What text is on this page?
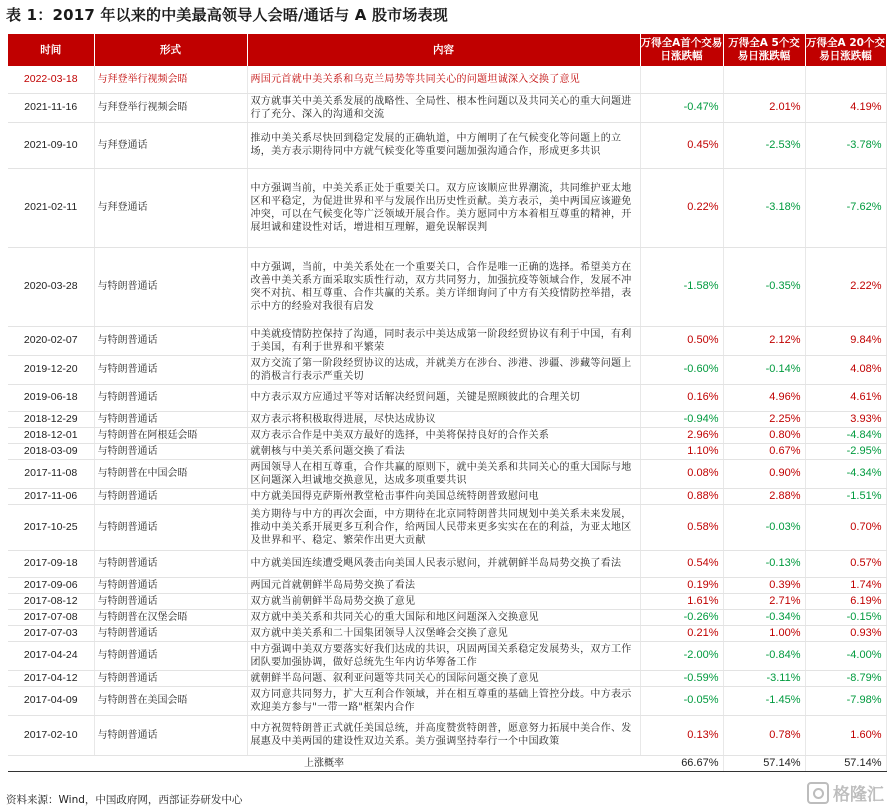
表 1：2017 年以来的中美最高领导人会晤/通话与 A 股市场表现
时间	形式	内容	万得全A首个交易日涨跌幅	万得全A 5个交易日涨跌幅	万得全A 20个交易日涨跌幅
2022-03-18	与拜登举行视频会晤	两国元首就中美关系和乌克兰局势等共同关心的问题坦诚深入交换了意见			
2021-11-16	与拜登举行视频会晤	双方就事关中美关系发展的战略性、全局性、根本性问题以及共同关心的重大问题进行了充分、深入的沟通和交流	-0.47%	2.01%	4.19%
2021-09-10	与拜登通话	推动中美关系尽快回到稳定发展的正确轨道，中方阐明了在气候变化等问题上的立场，美方表示期待同中方就气候变化等重要问题加强沟通合作，形成更多共识	0.45%	-2.53%	-3.78%
2021-02-11	与拜登通话	中方强调当前，中美关系正处于重要关口。双方应该顺应世界潮流，共同维护亚太地区和平稳定，为促进世界和平与发展作出历史性贡献。美方表示，美中两国应该避免冲突，可以在气候变化等广泛领域开展合作。美方愿同中方本着相互尊重的精神，开展坦诚和建设性对话，增进相互理解，避免误解误判	0.22%	-3.18%	-7.62%
2020-03-28	与特朗普通话	中方强调，当前，中美关系处在一个重要关口，合作是唯一正确的选择。希望美方在改善中美关系方面采取实质性行动，双方共同努力，加强抗疫等领域合作，发展不冲突不对抗、相互尊重、合作共赢的关系。美方详细询问了中方有关疫情防控举措，表示中方的经验对我很有启发	-1.58%	-0.35%	2.22%
2020-02-07	与特朗普通话	中美就疫情防控保持了沟通，同时表示中美达成第一阶段经贸协议有利于中国，有利于美国，有利于世界和平繁荣	0.50%	2.12%	9.84%
2019-12-20	与特朗普通话	双方交流了第一阶段经贸协议的达成，并就美方在涉台、涉港、涉疆、涉藏等问题上的消极言行表示严重关切	-0.60%	-0.14%	4.08%
2019-06-18	与特朗普通话	中方表示双方应通过平等对话解决经贸问题，关键是照顾彼此的合理关切	0.16%	4.96%	4.61%
2018-12-29	与特朗普通话	双方表示将积极取得进展，尽快达成协议	-0.94%	2.25%	3.93%
2018-12-01	与特朗普在阿根廷会晤	双方表示合作是中美双方最好的选择，中美将保持良好的合作关系	2.96%	0.80%	-4.84%
2018-03-09	与特朗普通话	就朝核与中美关系问题交换了看法	1.10%	0.67%	-2.95%
2017-11-08	与特朗普在中国会晤	两国领导人在相互尊重，合作共赢的原则下，就中美关系和共同关心的重大国际与地区问题深入坦诚地交换意见，达成多项重要共识	0.08%	0.90%	-4.34%
2017-11-06	与特朗普通话	中方就美国得克萨斯州教堂枪击事件向美国总统特朗普致慰问电	0.88%	2.88%	-1.51%
2017-10-25	与特朗普通话	美方期待与中方的再次会面，中方期待在北京同特朗普共同规划中美关系未来发展，推动中美关系开展更多互利合作，给两国人民带来更多实实在在的利益，为亚太地区及世界和平、稳定、繁荣作出更大贡献	0.58%	-0.03%	0.70%
2017-09-18	与特朗普通话	中方就美国连续遭受飓风袭击向美国人民表示慰问，并就朝鲜半岛局势交换了看法	0.54%	-0.13%	0.57%
2017-09-06	与特朗普通话	两国元首就朝鲜半岛局势交换了看法	0.19%	0.39%	1.74%
2017-08-12	与特朗普通话	双方就当前朝鲜半岛局势交换了意见	1.61%	2.71%	6.19%
2017-07-08	与特朗普在汉堡会晤	双方就中美关系和共同关心的重大国际和地区问题深入交换意见	-0.26%	-0.34%	-0.15%
2017-07-03	与特朗普通话	双方就中美关系和二十国集团领导人汉堡峰会交换了意见	0.21%	1.00%	0.93%
2017-04-24	与特朗普通话	中方强调中美双方要落实好我们达成的共识，巩固两国关系稳定发展势头，双方工作团队要加强协调，做好总统先生年内访华筹备工作	-2.00%	-0.84%	-4.00%
2017-04-12	与特朗普通话	就朝鲜半岛问题、叙利亚问题等共同关心的国际问题交换了意见	-0.59%	-3.11%	-8.79%
2017-04-09	与特朗普在美国会晤	双方同意共同努力，扩大互利合作领域，并在相互尊重的基础上管控分歧。中方表示欢迎美方参与"一带一路"框架内合作	-0.05%	-1.45%	-7.98%
2017-02-10	与特朗普通话	中方祝贺特朗普正式就任美国总统，并高度赞赏特朗普，愿意努力拓展中美合作、发展惠及中美两国的建设性双边关系。美方强调坚持奉行一个中国政策	0.13%	0.78%	1.60%
上涨概率			66.67%	57.14%	57.14%
资料来源：Wind，中国政府网，西部证券研发中心	格隆汇
